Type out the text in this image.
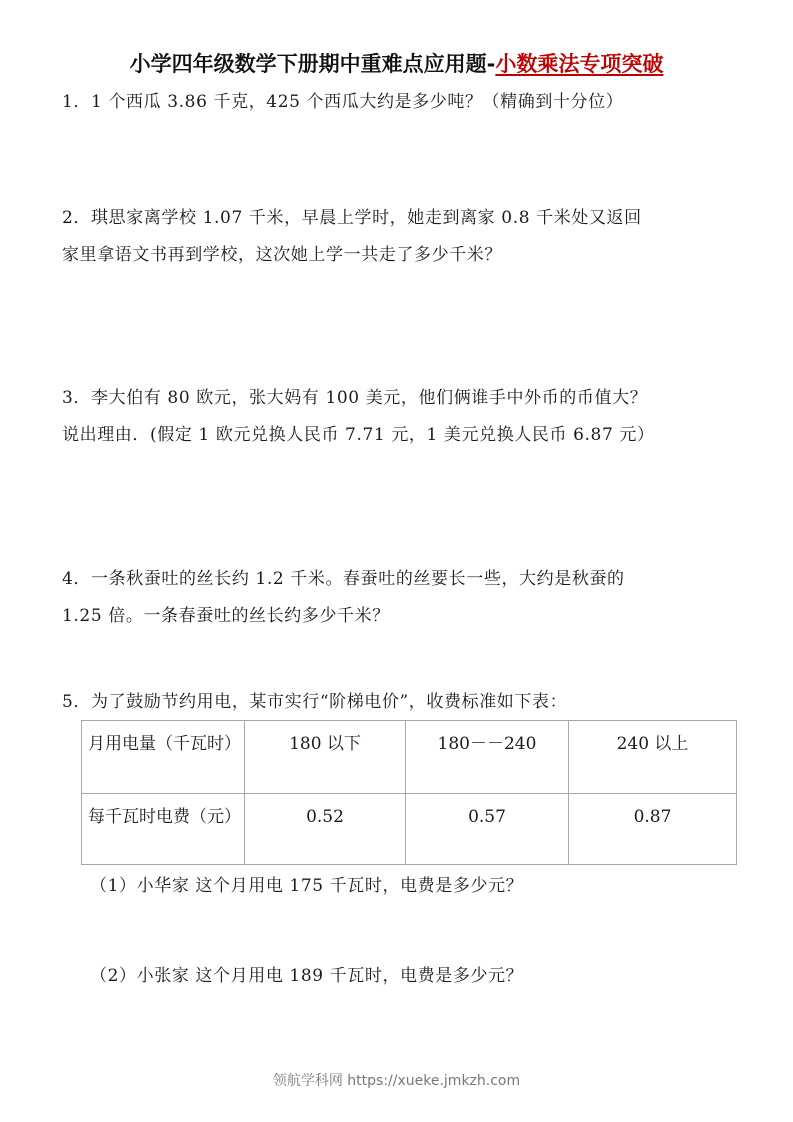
小学四年级数学下册期中重难点应用题-小数乘法专项突破

1．1 个西瓜 3.86 千克，425 个西瓜大约是多少吨？（精确到十分位）

2．琪思家离学校 1.07 千米，早晨上学时，她走到离家 0.8 千米处又返回

家里拿语文书再到学校，这次她上学一共走了多少千米？

3．李大伯有 80 欧元，张大妈有 100 美元，他们俩谁手中外币的币值大？

说出理由．(假定 1 欧元兑换人民币 7.71 元，1 美元兑换人民币 6.87 元）

4．一条秋蚕吐的丝长约 1.2 千米。春蚕吐的丝要长一些，大约是秋蚕的

1.25 倍。一条春蚕吐的丝长约多少千米？

5．为了鼓励节约用电，某市实行“阶梯电价”，收费标准如下表：

月用电量（千瓦时）	180 以下	180－－240	240 以上
每千瓦时电费（元）	0.52	0.57	0.87
（1）小华家 这个月用电 175 千瓦时，电费是多少元？
（2）小张家 这个月用电 189 千瓦时，电费是多少元？
领航学科网 https://xueke.jmkzh.com
